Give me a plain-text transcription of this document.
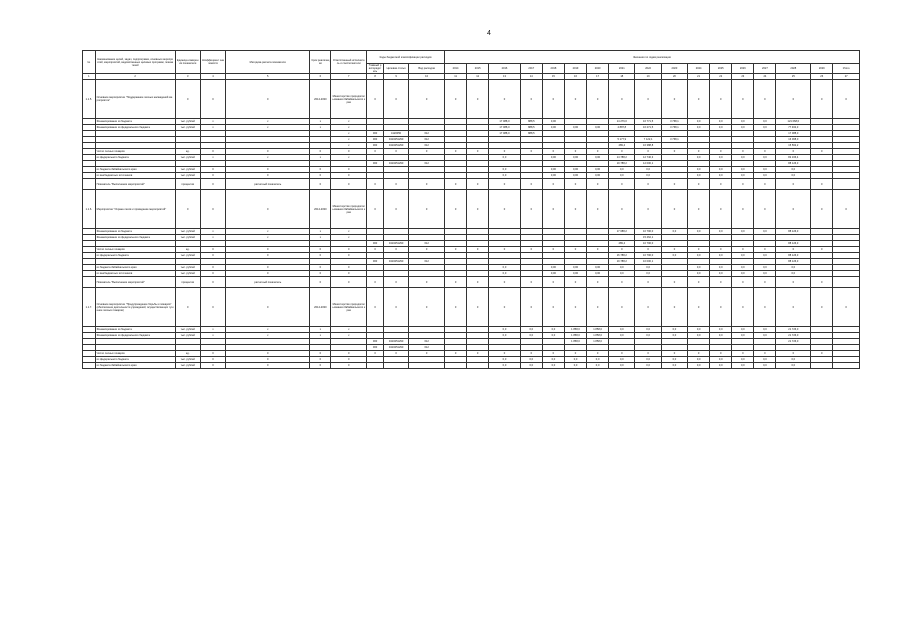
4
№	Наименование целей, задач, подпрограмм, основных мероприятий, мероприятий, ведомственных целевых программ, показателей	Единица измерения показателя	Коэффициент значимости	Методика расчета показателя	Срок реализации	Ответственный исполнитель и соисполнители	Коды бюджетной классификации расходов			Значения по годам реализации																
							Главный распорядитель	Целевая статья	Вид расходов	2014	2015	2016	2017	2018	2019	2020	2021	2022	2023	2024	2025	2026	2027	2028	2029	Итого
1	2	3	4	5	6	7	8	9	10	11	12	13	14	15	16	17	18	19	20	21	22	23	24	25	26	27
1.1.5.	Основное мероприятие "Поддержание лесных насаждений мероприятие"	0	0	0	2014-2030	Министерство природопользования Забайкальского края	0	0	0	0	0	0	0	0	0	0	0	0	0	0	0	0	0	0	0	0
	Финансирование из бюджета	тыс. рублей	x	x	x	x						17 088,0	888,5	0,00			14 276,0	16 771,5	3 768,1	0,0	0,0	0,0	0,0	121 068,0		
	Финансирование из федерального бюджета	тыс. рублей	x	x	x	x						17 088,0	888,5	0,00	0,00	0,00	4 887,8	16 271,5	3 768,1	0,0	0,0	0,0	0,0	77 462,3		
						x	000	4120050	612			17 088,0	888,5											17 088,0		
						x	000	0410251290	612								5 177,9	7 122,1	3 768,1					16 068,0		
						x	000	0410251290	612								489,4	16 388,8						15 562,2		
	Число лесных пожаров	ед.	0	0	0	0	0	0	0	0	0	0	0	0	0	0	0	0	0	0	0	0	0	0	0	
	из федерального бюджета	тыс. рублей	x	x	x	x						0,0		0,00	0,00	0,00	14 788,2	12 746,3		0,0	0,0	0,0	0,0	82 166,4		
							000	0410251290	612								19 788,2	12 000,1						88 126,3		
	из бюджета Забайкальского края	тыс. рублей	0	0	0	0						0,0		0,00	0,00	0,00	0,0	0,0		0,0	0,0	0,0	0,0	0,0		
	из внебюджетных источников	тыс. рублей	0	0	0	0						0,0		0,00	0,00	0,00	0,0	0,0		0,0	0,0	0,0	0,0	0,0		
	Показатель "Выполнение мероприятий"	процентов	0	расчетный показатель	0	0	0	0	0	0	0	0	0	0	0	0	0	0	0	0	0	0	0	0	0	
1.1.6.	Мероприятие "Охрана лесов и проведение мероприятий"	0	0	0	2014-2030	Министерство природопользования Забайкальского края	0	0	0	0	0	0	0	0	0	0	0	0	0	0	0	0	0	0	0	0
	Финансирование из бюджета	тыс. рублей	x	x	x	x											17 088,2	10 796,0	0,0	0,0	0,0	0,0	0,0	88 126,3		
	Финансирование из федерального бюджета	тыс. рублей	x	x	x	x												15 462,1								
							000	0410251290	612								489,4	10 796,0						88 126,3		
	Число лесных пожаров	ед.	0	0	0	0	0	0	0	0	0	0	0	0	0	0	0	0	0	0	0	0	0	0	0	
	из федерального бюджета	тыс. рублей	0	0	0	0											16 788,2	10 796,0	0,0	0,0	0,0	0,0	0,0	88 126,3		
							000	0410251290	612								19 788,2	10 000,1						88 126,3		
	из бюджета Забайкальского края	тыс. рублей	0	0	0	0						0,0		0,00	0,00	0,00	0,0	0,0		0,0	0,0	0,0	0,0	0,0		
	из внебюджетных источников	тыс. рублей	0	0	0	0						0,0		0,00	0,00	0,00	0,0	0,0		0,0	0,0	0,0	0,0	0,0		
	Показатель "Выполнение мероприятий"	процентов	0	расчетный показатель	0	0	0	0	0	0	0	0	0	0	0	0	0	0	0	0	0	0	0	0	0	
1.1.7.	Основное мероприятие "Предупреждение борьбы и пожаров" (обеспечение деятельности учреждений, осуществляющих тушение лесных пожаров)	0	0	0	2014-2030	Министерство природопользования Забайкальского края	0	0	0	0	0	0	0	0	0	0	0	0	0	0	0	0	0	0	0	0
	Финансирование из бюджета	тыс. рублей	x	x	x	x						0,0	0,0	0,0	1 858,0	1 858,0	0,0	0,0	0,0	0,0	0,0	0,0	0,0	21 726,0		
	Финансирование из федерального бюджета	тыс. рублей	x	x	x	x						0,0	0,0	0,0	1 858,0	1 858,0	0,0	0,0	0,0	0,0	0,0	0,0	0,0	21 726,0		
							000	0410251290	612						1 858,0	1 858,0								21 726,0		
							000	0410251290	612																	
	Число лесных пожаров	ед.	0	0	0	0	0	0	0	0	0	0	0	0	0	0	0	0	0	0	0	0	0	0	0	
	из федерального бюджета	тыс. рублей	0	0	0	0						0,0	0,0	0,0	0,0	0,0	0,0	0,0	0,0	0,0	0,0	0,0	0,0	0,0		
	из бюджета Забайкальского края	тыс. рублей	0	0	0	0						0,0	0,0	0,0	0,0	0,0	0,0	0,0	0,0	0,0	0,0	0,0	0,0	0,0		
